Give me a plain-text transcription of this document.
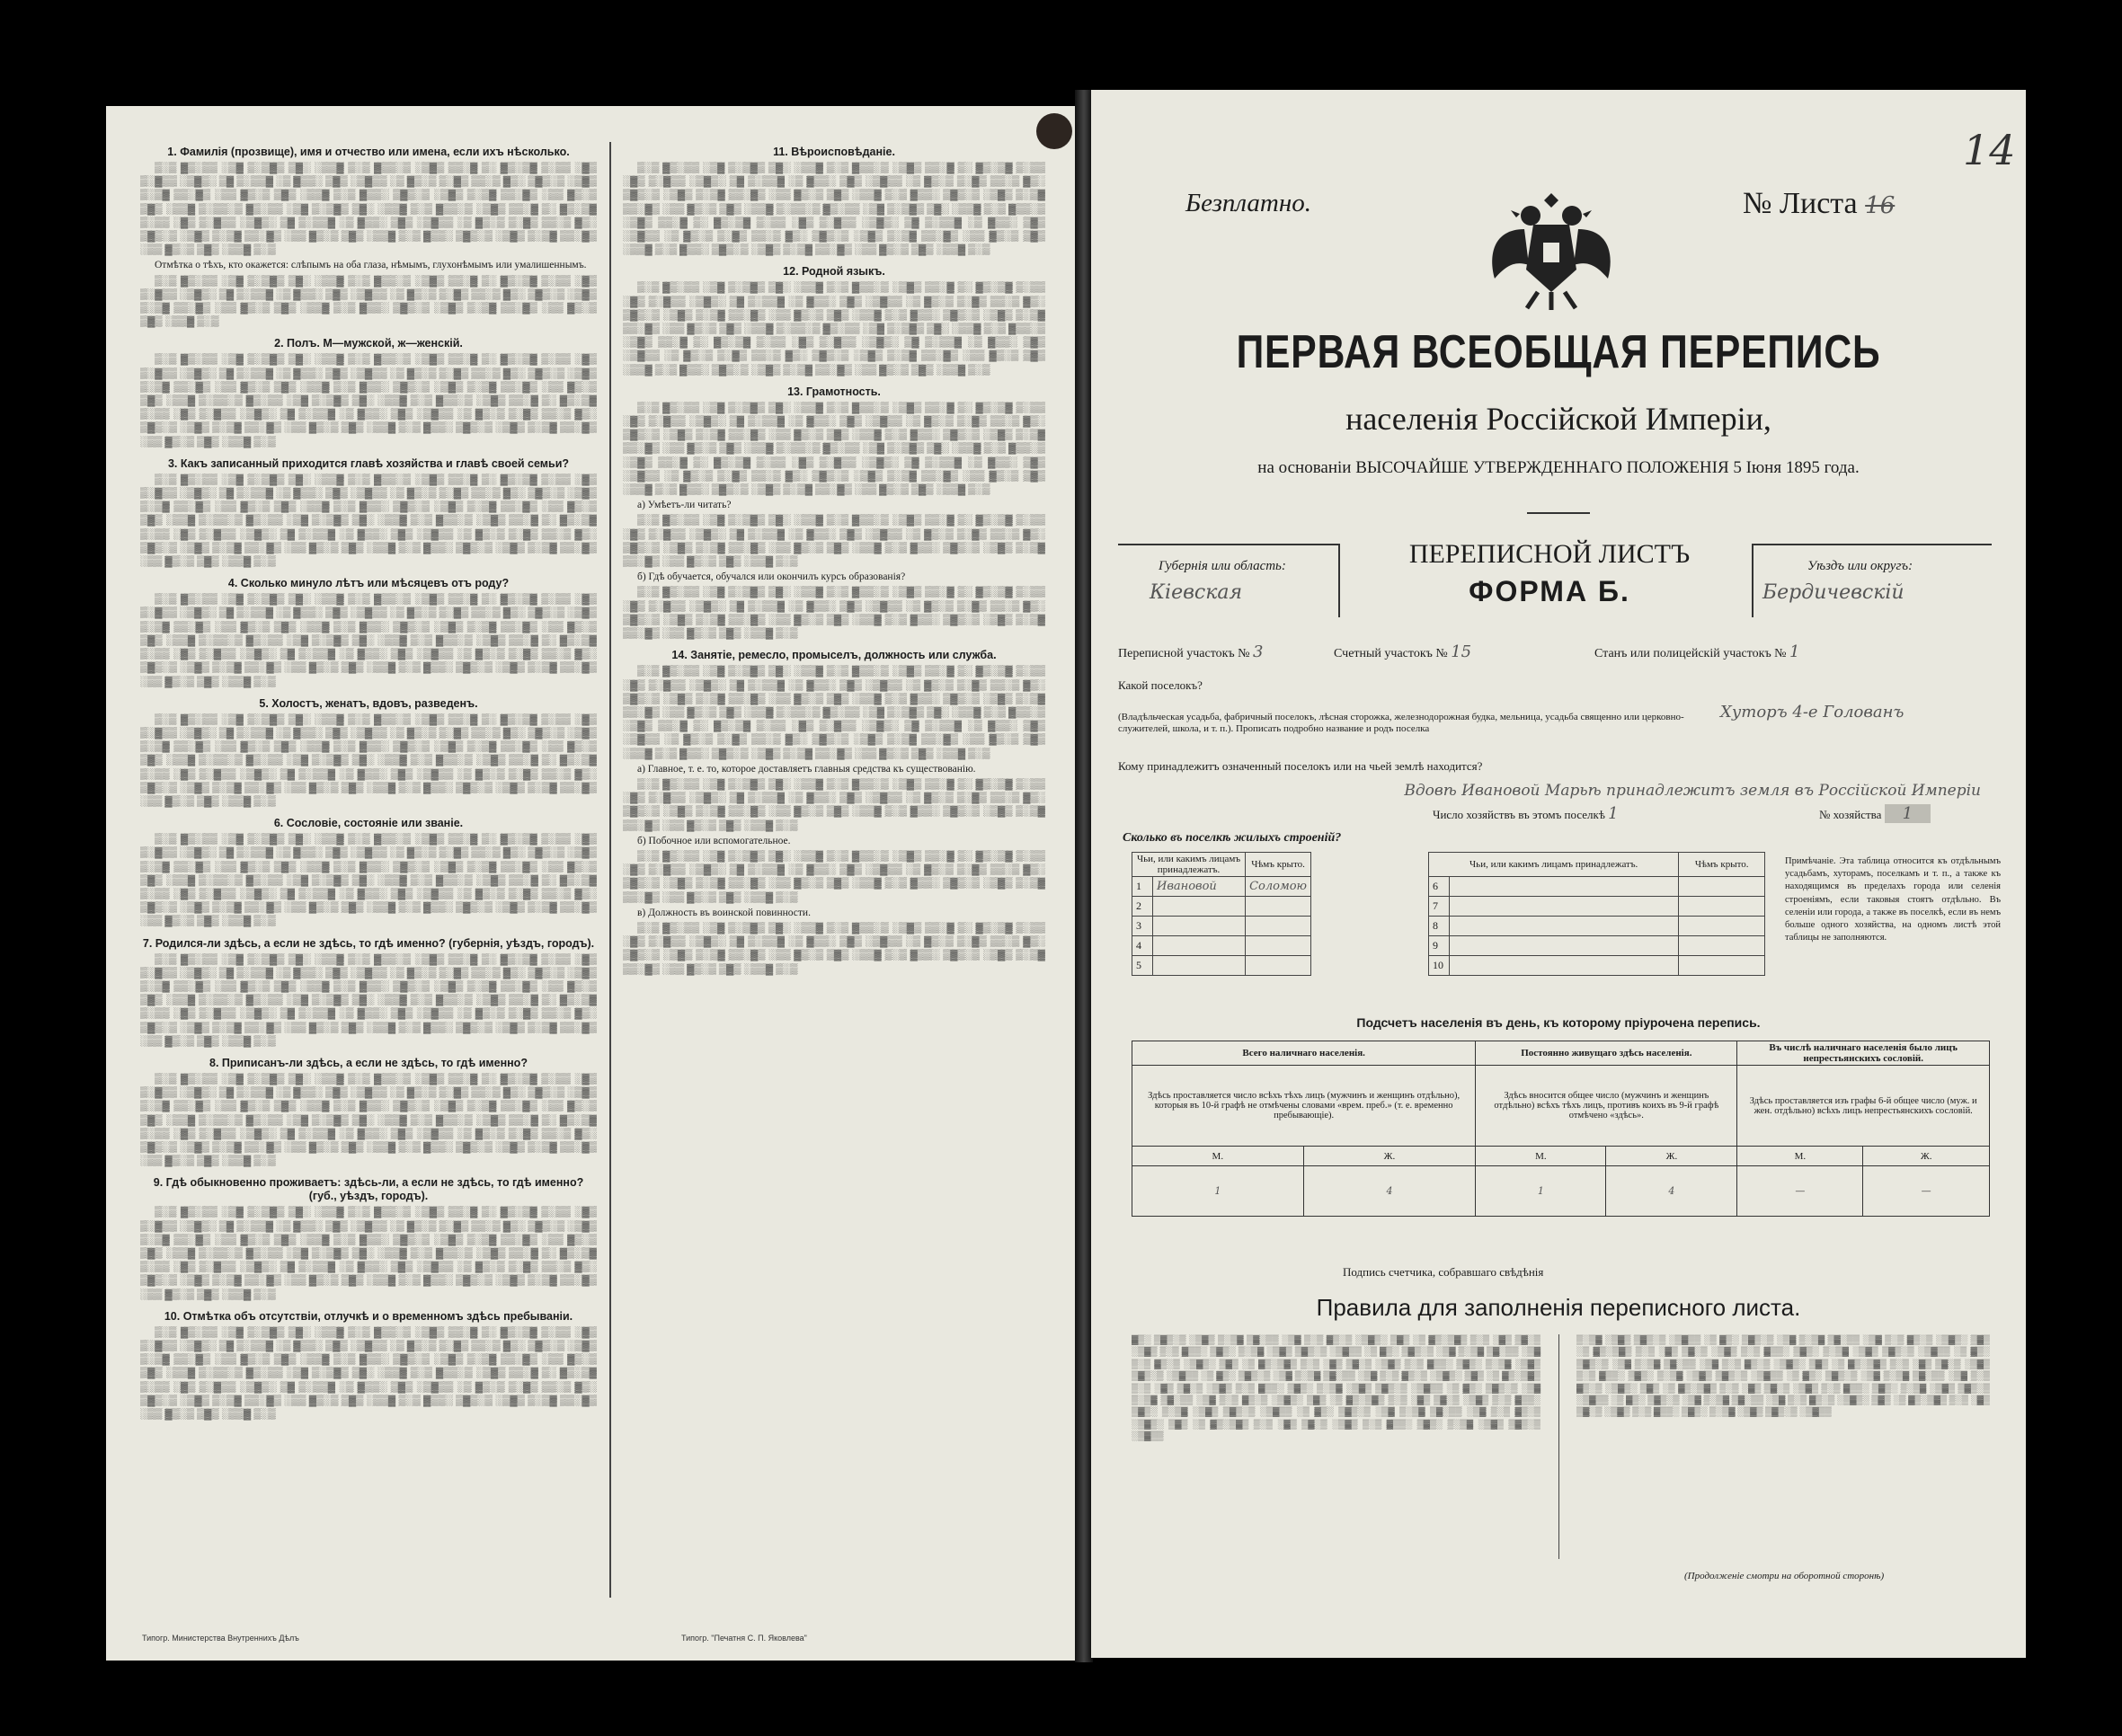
1. Фамилія (прозвище), имя и отчество или имена, если ихъ нѣсколько.

▒░▒ ▓▒░▒▒ ░▒▓ ▒░▒▓▒ ▒▓░ ░▒▒▓ ▒░▒ ▓▒▒░▒ ░▒▓▒ ▒▒░▓ ▒░ ▓▒░▒▓ ▒░▒▒ ░▓▒ ▒░▓▒▒ ░▒▓▒░ ▒▓ ▒░▒▒▓ ░▒ ▓▒▒░ ▒▓▒ ░▒▓▒▒ ░▒ ▓▒░▒ ▒░▓▒ ▒▒░▒ ▓▒░ ▒▓▒░▒ ░▒▓▒ ▒░▒▓ ▒▒░▓▒ ░▒▒ ▓▒░▒ ▒▓▒ ░▒▒▓ ▒░▒ ▓▒▒░ ▒▓▒░▒ ░▒▓▒ ▒░▒▓ ▒▒░▓▒ ░▒▒ ▓▒░▒ ▒▓▒ ░▒▒▓ ▒░▒▒░▒ ▓▒░▒▒ ░▒▓ ▒░▒▓▒ ▒▓░ ░▒▒▓ ▒░▒ ▓▒▒░▒ ░▒▓▒ ▒▒░▓ ▒░ ▓▒░▒▓ ▒░▒▒ ░▓▒ ▒░▓▒▒ ░▒▓▒░ ▒▓ ▒░▒▒▓ ░▒ ▓▒▒░ ▒▓▒ ░▒▓▒▒ ░▒ ▓▒░▒ ▒░▓▒ ▒▒░▒ ▓▒░ ▒▓▒░▒ ░▒▓▒ ▒░▒▓ ▒▒░▓▒ ░▒▒ ▓▒░▒ ▒▓▒ ░▒▒▓ ▒░▒ ▓▒▒░ ▒▓▒░▒ ░▒▓▒ ▒░▒▓ ▒▒░▓▒ ░▒▒ ▓▒░▒ ▒▓▒ ░▒▒▓ ▒░▒

Отмѣтка о тѣхъ, кто окажется: слѣпымъ на оба глаза, нѣмымъ, глухонѣмымъ или умалишеннымъ.

▒░▒ ▓▒░▒▒ ░▒▓ ▒░▒▓▒ ▒▓░ ░▒▒▓ ▒░▒ ▓▒▒░▒ ░▒▓▒ ▒▒░▓ ▒░ ▓▒░▒▓ ▒░▒▒ ░▓▒ ▒░▓▒▒ ░▒▓▒░ ▒▓ ▒░▒▒▓ ░▒ ▓▒▒░ ▒▓▒ ░▒▓▒▒ ░▒ ▓▒░▒ ▒░▓▒ ▒▒░▒ ▓▒░ ▒▓▒░▒ ░▒▓▒ ▒░▒▓ ▒▒░▓▒ ░▒▒ ▓▒░▒ ▒▓▒ ░▒▒▓ ▒░▒ ▓▒▒░ ▒▓▒░▒ ░▒▓▒ ▒░▒▓ ▒▒░▓▒ ░▒▒ ▓▒░▒ ▒▓▒ ░▒▒▓ ▒░▒

2. Полъ. М—мужской, ж—женскій.

▒░▒ ▓▒░▒▒ ░▒▓ ▒░▒▓▒ ▒▓░ ░▒▒▓ ▒░▒ ▓▒▒░▒ ░▒▓▒ ▒▒░▓ ▒░ ▓▒░▒▓ ▒░▒▒ ░▓▒ ▒░▓▒▒ ░▒▓▒░ ▒▓ ▒░▒▒▓ ░▒ ▓▒▒░ ▒▓▒ ░▒▓▒▒ ░▒ ▓▒░▒ ▒░▓▒ ▒▒░▒ ▓▒░ ▒▓▒░▒ ░▒▓▒ ▒░▒▓ ▒▒░▓▒ ░▒▒ ▓▒░▒ ▒▓▒ ░▒▒▓ ▒░▒ ▓▒▒░ ▒▓▒░▒ ░▒▓▒ ▒░▒▓ ▒▒░▓▒ ░▒▒ ▓▒░▒ ▒▓▒ ░▒▒▓ ▒░▒▒░▒ ▓▒░▒▒ ░▒▓ ▒░▒▓▒ ▒▓░ ░▒▒▓ ▒░▒ ▓▒▒░▒ ░▒▓▒ ▒▒░▓ ▒░ ▓▒░▒▓ ▒░▒▒ ░▓▒ ▒░▓▒▒ ░▒▓▒░ ▒▓ ▒░▒▒▓ ░▒ ▓▒▒░ ▒▓▒ ░▒▓▒▒ ░▒ ▓▒░▒ ▒░▓▒ ▒▒░▒ ▓▒░ ▒▓▒░▒ ░▒▓▒ ▒░▒▓ ▒▒░▓▒ ░▒▒ ▓▒░▒ ▒▓▒ ░▒▒▓ ▒░▒ ▓▒▒░ ▒▓▒░▒ ░▒▓▒ ▒░▒▓ ▒▒░▓▒ ░▒▒ ▓▒░▒ ▒▓▒ ░▒▒▓ ▒░▒

3. Какъ записанный приходится главѣ хозяйства и главѣ своей семьи?

▒░▒ ▓▒░▒▒ ░▒▓ ▒░▒▓▒ ▒▓░ ░▒▒▓ ▒░▒ ▓▒▒░▒ ░▒▓▒ ▒▒░▓ ▒░ ▓▒░▒▓ ▒░▒▒ ░▓▒ ▒░▓▒▒ ░▒▓▒░ ▒▓ ▒░▒▒▓ ░▒ ▓▒▒░ ▒▓▒ ░▒▓▒▒ ░▒ ▓▒░▒ ▒░▓▒ ▒▒░▒ ▓▒░ ▒▓▒░▒ ░▒▓▒ ▒░▒▓ ▒▒░▓▒ ░▒▒ ▓▒░▒ ▒▓▒ ░▒▒▓ ▒░▒ ▓▒▒░ ▒▓▒░▒ ░▒▓▒ ▒░▒▓ ▒▒░▓▒ ░▒▒ ▓▒░▒ ▒▓▒ ░▒▒▓ ▒░▒▒░▒ ▓▒░▒▒ ░▒▓ ▒░▒▓▒ ▒▓░ ░▒▒▓ ▒░▒ ▓▒▒░▒ ░▒▓▒ ▒▒░▓ ▒░ ▓▒░▒▓ ▒░▒▒ ░▓▒ ▒░▓▒▒ ░▒▓▒░ ▒▓ ▒░▒▒▓ ░▒ ▓▒▒░ ▒▓▒ ░▒▓▒▒ ░▒ ▓▒░▒ ▒░▓▒ ▒▒░▒ ▓▒░ ▒▓▒░▒ ░▒▓▒ ▒░▒▓ ▒▒░▓▒ ░▒▒ ▓▒░▒ ▒▓▒ ░▒▒▓ ▒░▒ ▓▒▒░ ▒▓▒░▒ ░▒▓▒ ▒░▒▓ ▒▒░▓▒ ░▒▒ ▓▒░▒ ▒▓▒ ░▒▒▓ ▒░▒

4. Сколько минуло лѣтъ или мѣсяцевъ отъ роду?

▒░▒ ▓▒░▒▒ ░▒▓ ▒░▒▓▒ ▒▓░ ░▒▒▓ ▒░▒ ▓▒▒░▒ ░▒▓▒ ▒▒░▓ ▒░ ▓▒░▒▓ ▒░▒▒ ░▓▒ ▒░▓▒▒ ░▒▓▒░ ▒▓ ▒░▒▒▓ ░▒ ▓▒▒░ ▒▓▒ ░▒▓▒▒ ░▒ ▓▒░▒ ▒░▓▒ ▒▒░▒ ▓▒░ ▒▓▒░▒ ░▒▓▒ ▒░▒▓ ▒▒░▓▒ ░▒▒ ▓▒░▒ ▒▓▒ ░▒▒▓ ▒░▒ ▓▒▒░ ▒▓▒░▒ ░▒▓▒ ▒░▒▓ ▒▒░▓▒ ░▒▒ ▓▒░▒ ▒▓▒ ░▒▒▓ ▒░▒▒░▒ ▓▒░▒▒ ░▒▓ ▒░▒▓▒ ▒▓░ ░▒▒▓ ▒░▒ ▓▒▒░▒ ░▒▓▒ ▒▒░▓ ▒░ ▓▒░▒▓ ▒░▒▒ ░▓▒ ▒░▓▒▒ ░▒▓▒░ ▒▓ ▒░▒▒▓ ░▒ ▓▒▒░ ▒▓▒ ░▒▓▒▒ ░▒ ▓▒░▒ ▒░▓▒ ▒▒░▒ ▓▒░ ▒▓▒░▒ ░▒▓▒ ▒░▒▓ ▒▒░▓▒ ░▒▒ ▓▒░▒ ▒▓▒ ░▒▒▓ ▒░▒ ▓▒▒░ ▒▓▒░▒ ░▒▓▒ ▒░▒▓ ▒▒░▓▒ ░▒▒ ▓▒░▒ ▒▓▒ ░▒▒▓ ▒░▒

5. Холостъ, женатъ, вдовъ, разведенъ.

▒░▒ ▓▒░▒▒ ░▒▓ ▒░▒▓▒ ▒▓░ ░▒▒▓ ▒░▒ ▓▒▒░▒ ░▒▓▒ ▒▒░▓ ▒░ ▓▒░▒▓ ▒░▒▒ ░▓▒ ▒░▓▒▒ ░▒▓▒░ ▒▓ ▒░▒▒▓ ░▒ ▓▒▒░ ▒▓▒ ░▒▓▒▒ ░▒ ▓▒░▒ ▒░▓▒ ▒▒░▒ ▓▒░ ▒▓▒░▒ ░▒▓▒ ▒░▒▓ ▒▒░▓▒ ░▒▒ ▓▒░▒ ▒▓▒ ░▒▒▓ ▒░▒ ▓▒▒░ ▒▓▒░▒ ░▒▓▒ ▒░▒▓ ▒▒░▓▒ ░▒▒ ▓▒░▒ ▒▓▒ ░▒▒▓ ▒░▒▒░▒ ▓▒░▒▒ ░▒▓ ▒░▒▓▒ ▒▓░ ░▒▒▓ ▒░▒ ▓▒▒░▒ ░▒▓▒ ▒▒░▓ ▒░ ▓▒░▒▓ ▒░▒▒ ░▓▒ ▒░▓▒▒ ░▒▓▒░ ▒▓ ▒░▒▒▓ ░▒ ▓▒▒░ ▒▓▒ ░▒▓▒▒ ░▒ ▓▒░▒ ▒░▓▒ ▒▒░▒ ▓▒░ ▒▓▒░▒ ░▒▓▒ ▒░▒▓ ▒▒░▓▒ ░▒▒ ▓▒░▒ ▒▓▒ ░▒▒▓ ▒░▒ ▓▒▒░ ▒▓▒░▒ ░▒▓▒ ▒░▒▓ ▒▒░▓▒ ░▒▒ ▓▒░▒ ▒▓▒ ░▒▒▓ ▒░▒

6. Сословіе, состояніе или званіе.

▒░▒ ▓▒░▒▒ ░▒▓ ▒░▒▓▒ ▒▓░ ░▒▒▓ ▒░▒ ▓▒▒░▒ ░▒▓▒ ▒▒░▓ ▒░ ▓▒░▒▓ ▒░▒▒ ░▓▒ ▒░▓▒▒ ░▒▓▒░ ▒▓ ▒░▒▒▓ ░▒ ▓▒▒░ ▒▓▒ ░▒▓▒▒ ░▒ ▓▒░▒ ▒░▓▒ ▒▒░▒ ▓▒░ ▒▓▒░▒ ░▒▓▒ ▒░▒▓ ▒▒░▓▒ ░▒▒ ▓▒░▒ ▒▓▒ ░▒▒▓ ▒░▒ ▓▒▒░ ▒▓▒░▒ ░▒▓▒ ▒░▒▓ ▒▒░▓▒ ░▒▒ ▓▒░▒ ▒▓▒ ░▒▒▓ ▒░▒▒░▒ ▓▒░▒▒ ░▒▓ ▒░▒▓▒ ▒▓░ ░▒▒▓ ▒░▒ ▓▒▒░▒ ░▒▓▒ ▒▒░▓ ▒░ ▓▒░▒▓ ▒░▒▒ ░▓▒ ▒░▓▒▒ ░▒▓▒░ ▒▓ ▒░▒▒▓ ░▒ ▓▒▒░ ▒▓▒ ░▒▓▒▒ ░▒ ▓▒░▒ ▒░▓▒ ▒▒░▒ ▓▒░ ▒▓▒░▒ ░▒▓▒ ▒░▒▓ ▒▒░▓▒ ░▒▒ ▓▒░▒ ▒▓▒ ░▒▒▓ ▒░▒ ▓▒▒░ ▒▓▒░▒ ░▒▓▒ ▒░▒▓ ▒▒░▓▒ ░▒▒ ▓▒░▒ ▒▓▒ ░▒▒▓ ▒░▒

7. Родился-ли здѣсь, а если не здѣсь, то гдѣ именно? (губернія, уѣздъ, городъ).

▒░▒ ▓▒░▒▒ ░▒▓ ▒░▒▓▒ ▒▓░ ░▒▒▓ ▒░▒ ▓▒▒░▒ ░▒▓▒ ▒▒░▓ ▒░ ▓▒░▒▓ ▒░▒▒ ░▓▒ ▒░▓▒▒ ░▒▓▒░ ▒▓ ▒░▒▒▓ ░▒ ▓▒▒░ ▒▓▒ ░▒▓▒▒ ░▒ ▓▒░▒ ▒░▓▒ ▒▒░▒ ▓▒░ ▒▓▒░▒ ░▒▓▒ ▒░▒▓ ▒▒░▓▒ ░▒▒ ▓▒░▒ ▒▓▒ ░▒▒▓ ▒░▒ ▓▒▒░ ▒▓▒░▒ ░▒▓▒ ▒░▒▓ ▒▒░▓▒ ░▒▒ ▓▒░▒ ▒▓▒ ░▒▒▓ ▒░▒▒░▒ ▓▒░▒▒ ░▒▓ ▒░▒▓▒ ▒▓░ ░▒▒▓ ▒░▒ ▓▒▒░▒ ░▒▓▒ ▒▒░▓ ▒░ ▓▒░▒▓ ▒░▒▒ ░▓▒ ▒░▓▒▒ ░▒▓▒░ ▒▓ ▒░▒▒▓ ░▒ ▓▒▒░ ▒▓▒ ░▒▓▒▒ ░▒ ▓▒░▒ ▒░▓▒ ▒▒░▒ ▓▒░ ▒▓▒░▒ ░▒▓▒ ▒░▒▓ ▒▒░▓▒ ░▒▒ ▓▒░▒ ▒▓▒ ░▒▒▓ ▒░▒ ▓▒▒░ ▒▓▒░▒ ░▒▓▒ ▒░▒▓ ▒▒░▓▒ ░▒▒ ▓▒░▒ ▒▓▒ ░▒▒▓ ▒░▒

8. Приписанъ-ли здѣсь, а если не здѣсь, то гдѣ именно?

▒░▒ ▓▒░▒▒ ░▒▓ ▒░▒▓▒ ▒▓░ ░▒▒▓ ▒░▒ ▓▒▒░▒ ░▒▓▒ ▒▒░▓ ▒░ ▓▒░▒▓ ▒░▒▒ ░▓▒ ▒░▓▒▒ ░▒▓▒░ ▒▓ ▒░▒▒▓ ░▒ ▓▒▒░ ▒▓▒ ░▒▓▒▒ ░▒ ▓▒░▒ ▒░▓▒ ▒▒░▒ ▓▒░ ▒▓▒░▒ ░▒▓▒ ▒░▒▓ ▒▒░▓▒ ░▒▒ ▓▒░▒ ▒▓▒ ░▒▒▓ ▒░▒ ▓▒▒░ ▒▓▒░▒ ░▒▓▒ ▒░▒▓ ▒▒░▓▒ ░▒▒ ▓▒░▒ ▒▓▒ ░▒▒▓ ▒░▒▒░▒ ▓▒░▒▒ ░▒▓ ▒░▒▓▒ ▒▓░ ░▒▒▓ ▒░▒ ▓▒▒░▒ ░▒▓▒ ▒▒░▓ ▒░ ▓▒░▒▓ ▒░▒▒ ░▓▒ ▒░▓▒▒ ░▒▓▒░ ▒▓ ▒░▒▒▓ ░▒ ▓▒▒░ ▒▓▒ ░▒▓▒▒ ░▒ ▓▒░▒ ▒░▓▒ ▒▒░▒ ▓▒░ ▒▓▒░▒ ░▒▓▒ ▒░▒▓ ▒▒░▓▒ ░▒▒ ▓▒░▒ ▒▓▒ ░▒▒▓ ▒░▒ ▓▒▒░ ▒▓▒░▒ ░▒▓▒ ▒░▒▓ ▒▒░▓▒ ░▒▒ ▓▒░▒ ▒▓▒ ░▒▒▓ ▒░▒

9. Гдѣ обыкновенно проживаетъ: здѣсь-ли, а если не здѣсь, то гдѣ именно? (губ., уѣздъ, городъ).

▒░▒ ▓▒░▒▒ ░▒▓ ▒░▒▓▒ ▒▓░ ░▒▒▓ ▒░▒ ▓▒▒░▒ ░▒▓▒ ▒▒░▓ ▒░ ▓▒░▒▓ ▒░▒▒ ░▓▒ ▒░▓▒▒ ░▒▓▒░ ▒▓ ▒░▒▒▓ ░▒ ▓▒▒░ ▒▓▒ ░▒▓▒▒ ░▒ ▓▒░▒ ▒░▓▒ ▒▒░▒ ▓▒░ ▒▓▒░▒ ░▒▓▒ ▒░▒▓ ▒▒░▓▒ ░▒▒ ▓▒░▒ ▒▓▒ ░▒▒▓ ▒░▒ ▓▒▒░ ▒▓▒░▒ ░▒▓▒ ▒░▒▓ ▒▒░▓▒ ░▒▒ ▓▒░▒ ▒▓▒ ░▒▒▓ ▒░▒▒░▒ ▓▒░▒▒ ░▒▓ ▒░▒▓▒ ▒▓░ ░▒▒▓ ▒░▒ ▓▒▒░▒ ░▒▓▒ ▒▒░▓ ▒░ ▓▒░▒▓ ▒░▒▒ ░▓▒ ▒░▓▒▒ ░▒▓▒░ ▒▓ ▒░▒▒▓ ░▒ ▓▒▒░ ▒▓▒ ░▒▓▒▒ ░▒ ▓▒░▒ ▒░▓▒ ▒▒░▒ ▓▒░ ▒▓▒░▒ ░▒▓▒ ▒░▒▓ ▒▒░▓▒ ░▒▒ ▓▒░▒ ▒▓▒ ░▒▒▓ ▒░▒ ▓▒▒░ ▒▓▒░▒ ░▒▓▒ ▒░▒▓ ▒▒░▓▒ ░▒▒ ▓▒░▒ ▒▓▒ ░▒▒▓ ▒░▒

10. Отмѣтка объ отсутствіи, отлучкѣ и о временномъ здѣсь пребываніи.

▒░▒ ▓▒░▒▒ ░▒▓ ▒░▒▓▒ ▒▓░ ░▒▒▓ ▒░▒ ▓▒▒░▒ ░▒▓▒ ▒▒░▓ ▒░ ▓▒░▒▓ ▒░▒▒ ░▓▒ ▒░▓▒▒ ░▒▓▒░ ▒▓ ▒░▒▒▓ ░▒ ▓▒▒░ ▒▓▒ ░▒▓▒▒ ░▒ ▓▒░▒ ▒░▓▒ ▒▒░▒ ▓▒░ ▒▓▒░▒ ░▒▓▒ ▒░▒▓ ▒▒░▓▒ ░▒▒ ▓▒░▒ ▒▓▒ ░▒▒▓ ▒░▒ ▓▒▒░ ▒▓▒░▒ ░▒▓▒ ▒░▒▓ ▒▒░▓▒ ░▒▒ ▓▒░▒ ▒▓▒ ░▒▒▓ ▒░▒▒░▒ ▓▒░▒▒ ░▒▓ ▒░▒▓▒ ▒▓░ ░▒▒▓ ▒░▒ ▓▒▒░▒ ░▒▓▒ ▒▒░▓ ▒░ ▓▒░▒▓ ▒░▒▒ ░▓▒ ▒░▓▒▒ ░▒▓▒░ ▒▓ ▒░▒▒▓ ░▒ ▓▒▒░ ▒▓▒ ░▒▓▒▒ ░▒ ▓▒░▒ ▒░▓▒ ▒▒░▒ ▓▒░ ▒▓▒░▒ ░▒▓▒ ▒░▒▓ ▒▒░▓▒ ░▒▒ ▓▒░▒ ▒▓▒ ░▒▒▓ ▒░▒ ▓▒▒░ ▒▓▒░▒ ░▒▓▒ ▒░▒▓ ▒▒░▓▒ ░▒▒ ▓▒░▒ ▒▓▒ ░▒▒▓ ▒░▒

11. Вѣроисповѣданіе.

▒░▒ ▓▒░▒▒ ░▒▓ ▒░▒▓▒ ▒▓░ ░▒▒▓ ▒░▒ ▓▒▒░▒ ░▒▓▒ ▒▒░▓ ▒░ ▓▒░▒▓ ▒░▒▒ ░▓▒ ▒░▓▒▒ ░▒▓▒░ ▒▓ ▒░▒▒▓ ░▒ ▓▒▒░ ▒▓▒ ░▒▓▒▒ ░▒ ▓▒░▒ ▒░▓▒ ▒▒░▒ ▓▒░ ▒▓▒░▒ ░▒▓▒ ▒░▒▓ ▒▒░▓▒ ░▒▒ ▓▒░▒ ▒▓▒ ░▒▒▓ ▒░▒ ▓▒▒░ ▒▓▒░▒ ░▒▓▒ ▒░▒▓ ▒▒░▓▒ ░▒▒ ▓▒░▒ ▒▓▒ ░▒▒▓ ▒░▒▒░▒ ▓▒░▒▒ ░▒▓ ▒░▒▓▒ ▒▓░ ░▒▒▓ ▒░▒ ▓▒▒░▒ ░▒▓▒ ▒▒░▓ ▒░ ▓▒░▒▓ ▒░▒▒ ░▓▒ ▒░▓▒▒ ░▒▓▒░ ▒▓ ▒░▒▒▓ ░▒ ▓▒▒░ ▒▓▒ ░▒▓▒▒ ░▒ ▓▒░▒ ▒░▓▒ ▒▒░▒ ▓▒░ ▒▓▒░▒ ░▒▓▒ ▒░▒▓ ▒▒░▓▒ ░▒▒ ▓▒░▒ ▒▓▒ ░▒▒▓ ▒░▒ ▓▒▒░ ▒▓▒░▒ ░▒▓▒ ▒░▒▓ ▒▒░▓▒ ░▒▒ ▓▒░▒ ▒▓▒ ░▒▒▓ ▒░▒

12. Родной языкъ.

▒░▒ ▓▒░▒▒ ░▒▓ ▒░▒▓▒ ▒▓░ ░▒▒▓ ▒░▒ ▓▒▒░▒ ░▒▓▒ ▒▒░▓ ▒░ ▓▒░▒▓ ▒░▒▒ ░▓▒ ▒░▓▒▒ ░▒▓▒░ ▒▓ ▒░▒▒▓ ░▒ ▓▒▒░ ▒▓▒ ░▒▓▒▒ ░▒ ▓▒░▒ ▒░▓▒ ▒▒░▒ ▓▒░ ▒▓▒░▒ ░▒▓▒ ▒░▒▓ ▒▒░▓▒ ░▒▒ ▓▒░▒ ▒▓▒ ░▒▒▓ ▒░▒ ▓▒▒░ ▒▓▒░▒ ░▒▓▒ ▒░▒▓ ▒▒░▓▒ ░▒▒ ▓▒░▒ ▒▓▒ ░▒▒▓ ▒░▒▒░▒ ▓▒░▒▒ ░▒▓ ▒░▒▓▒ ▒▓░ ░▒▒▓ ▒░▒ ▓▒▒░▒ ░▒▓▒ ▒▒░▓ ▒░ ▓▒░▒▓ ▒░▒▒ ░▓▒ ▒░▓▒▒ ░▒▓▒░ ▒▓ ▒░▒▒▓ ░▒ ▓▒▒░ ▒▓▒ ░▒▓▒▒ ░▒ ▓▒░▒ ▒░▓▒ ▒▒░▒ ▓▒░ ▒▓▒░▒ ░▒▓▒ ▒░▒▓ ▒▒░▓▒ ░▒▒ ▓▒░▒ ▒▓▒ ░▒▒▓ ▒░▒ ▓▒▒░ ▒▓▒░▒ ░▒▓▒ ▒░▒▓ ▒▒░▓▒ ░▒▒ ▓▒░▒ ▒▓▒ ░▒▒▓ ▒░▒

13. Грамотность.

▒░▒ ▓▒░▒▒ ░▒▓ ▒░▒▓▒ ▒▓░ ░▒▒▓ ▒░▒ ▓▒▒░▒ ░▒▓▒ ▒▒░▓ ▒░ ▓▒░▒▓ ▒░▒▒ ░▓▒ ▒░▓▒▒ ░▒▓▒░ ▒▓ ▒░▒▒▓ ░▒ ▓▒▒░ ▒▓▒ ░▒▓▒▒ ░▒ ▓▒░▒ ▒░▓▒ ▒▒░▒ ▓▒░ ▒▓▒░▒ ░▒▓▒ ▒░▒▓ ▒▒░▓▒ ░▒▒ ▓▒░▒ ▒▓▒ ░▒▒▓ ▒░▒ ▓▒▒░ ▒▓▒░▒ ░▒▓▒ ▒░▒▓ ▒▒░▓▒ ░▒▒ ▓▒░▒ ▒▓▒ ░▒▒▓ ▒░▒▒░▒ ▓▒░▒▒ ░▒▓ ▒░▒▓▒ ▒▓░ ░▒▒▓ ▒░▒ ▓▒▒░▒ ░▒▓▒ ▒▒░▓ ▒░ ▓▒░▒▓ ▒░▒▒ ░▓▒ ▒░▓▒▒ ░▒▓▒░ ▒▓ ▒░▒▒▓ ░▒ ▓▒▒░ ▒▓▒ ░▒▓▒▒ ░▒ ▓▒░▒ ▒░▓▒ ▒▒░▒ ▓▒░ ▒▓▒░▒ ░▒▓▒ ▒░▒▓ ▒▒░▓▒ ░▒▒ ▓▒░▒ ▒▓▒ ░▒▒▓ ▒░▒ ▓▒▒░ ▒▓▒░▒ ░▒▓▒ ▒░▒▓ ▒▒░▓▒ ░▒▒ ▓▒░▒ ▒▓▒ ░▒▒▓ ▒░▒

а) Умѣетъ-ли читать?

▒░▒ ▓▒░▒▒ ░▒▓ ▒░▒▓▒ ▒▓░ ░▒▒▓ ▒░▒ ▓▒▒░▒ ░▒▓▒ ▒▒░▓ ▒░ ▓▒░▒▓ ▒░▒▒ ░▓▒ ▒░▓▒▒ ░▒▓▒░ ▒▓ ▒░▒▒▓ ░▒ ▓▒▒░ ▒▓▒ ░▒▓▒▒ ░▒ ▓▒░▒ ▒░▓▒ ▒▒░▒ ▓▒░ ▒▓▒░▒ ░▒▓▒ ▒░▒▓ ▒▒░▓▒ ░▒▒ ▓▒░▒ ▒▓▒ ░▒▒▓ ▒░▒ ▓▒▒░ ▒▓▒░▒ ░▒▓▒ ▒░▒▓ ▒▒░▓▒ ░▒▒ ▓▒░▒ ▒▓▒ ░▒▒▓ ▒░▒

б) Гдѣ обучается, обучался или окончилъ курсъ образованія?

▒░▒ ▓▒░▒▒ ░▒▓ ▒░▒▓▒ ▒▓░ ░▒▒▓ ▒░▒ ▓▒▒░▒ ░▒▓▒ ▒▒░▓ ▒░ ▓▒░▒▓ ▒░▒▒ ░▓▒ ▒░▓▒▒ ░▒▓▒░ ▒▓ ▒░▒▒▓ ░▒ ▓▒▒░ ▒▓▒ ░▒▓▒▒ ░▒ ▓▒░▒ ▒░▓▒ ▒▒░▒ ▓▒░ ▒▓▒░▒ ░▒▓▒ ▒░▒▓ ▒▒░▓▒ ░▒▒ ▓▒░▒ ▒▓▒ ░▒▒▓ ▒░▒ ▓▒▒░ ▒▓▒░▒ ░▒▓▒ ▒░▒▓ ▒▒░▓▒ ░▒▒ ▓▒░▒ ▒▓▒ ░▒▒▓ ▒░▒

14. Занятіе, ремесло, промыселъ, должность или служба.

▒░▒ ▓▒░▒▒ ░▒▓ ▒░▒▓▒ ▒▓░ ░▒▒▓ ▒░▒ ▓▒▒░▒ ░▒▓▒ ▒▒░▓ ▒░ ▓▒░▒▓ ▒░▒▒ ░▓▒ ▒░▓▒▒ ░▒▓▒░ ▒▓ ▒░▒▒▓ ░▒ ▓▒▒░ ▒▓▒ ░▒▓▒▒ ░▒ ▓▒░▒ ▒░▓▒ ▒▒░▒ ▓▒░ ▒▓▒░▒ ░▒▓▒ ▒░▒▓ ▒▒░▓▒ ░▒▒ ▓▒░▒ ▒▓▒ ░▒▒▓ ▒░▒ ▓▒▒░ ▒▓▒░▒ ░▒▓▒ ▒░▒▓ ▒▒░▓▒ ░▒▒ ▓▒░▒ ▒▓▒ ░▒▒▓ ▒░▒▒░▒ ▓▒░▒▒ ░▒▓ ▒░▒▓▒ ▒▓░ ░▒▒▓ ▒░▒ ▓▒▒░▒ ░▒▓▒ ▒▒░▓ ▒░ ▓▒░▒▓ ▒░▒▒ ░▓▒ ▒░▓▒▒ ░▒▓▒░ ▒▓ ▒░▒▒▓ ░▒ ▓▒▒░ ▒▓▒ ░▒▓▒▒ ░▒ ▓▒░▒ ▒░▓▒ ▒▒░▒ ▓▒░ ▒▓▒░▒ ░▒▓▒ ▒░▒▓ ▒▒░▓▒ ░▒▒ ▓▒░▒ ▒▓▒ ░▒▒▓ ▒░▒ ▓▒▒░ ▒▓▒░▒ ░▒▓▒ ▒░▒▓ ▒▒░▓▒ ░▒▒ ▓▒░▒ ▒▓▒ ░▒▒▓ ▒░▒

а) Главное, т. е. то, которое доставляетъ главныя средства къ существованію.

▒░▒ ▓▒░▒▒ ░▒▓ ▒░▒▓▒ ▒▓░ ░▒▒▓ ▒░▒ ▓▒▒░▒ ░▒▓▒ ▒▒░▓ ▒░ ▓▒░▒▓ ▒░▒▒ ░▓▒ ▒░▓▒▒ ░▒▓▒░ ▒▓ ▒░▒▒▓ ░▒ ▓▒▒░ ▒▓▒ ░▒▓▒▒ ░▒ ▓▒░▒ ▒░▓▒ ▒▒░▒ ▓▒░ ▒▓▒░▒ ░▒▓▒ ▒░▒▓ ▒▒░▓▒ ░▒▒ ▓▒░▒ ▒▓▒ ░▒▒▓ ▒░▒ ▓▒▒░ ▒▓▒░▒ ░▒▓▒ ▒░▒▓ ▒▒░▓▒ ░▒▒ ▓▒░▒ ▒▓▒ ░▒▒▓ ▒░▒

б) Побочное или вспомогательное.

▒░▒ ▓▒░▒▒ ░▒▓ ▒░▒▓▒ ▒▓░ ░▒▒▓ ▒░▒ ▓▒▒░▒ ░▒▓▒ ▒▒░▓ ▒░ ▓▒░▒▓ ▒░▒▒ ░▓▒ ▒░▓▒▒ ░▒▓▒░ ▒▓ ▒░▒▒▓ ░▒ ▓▒▒░ ▒▓▒ ░▒▓▒▒ ░▒ ▓▒░▒ ▒░▓▒ ▒▒░▒ ▓▒░ ▒▓▒░▒ ░▒▓▒ ▒░▒▓ ▒▒░▓▒ ░▒▒ ▓▒░▒ ▒▓▒ ░▒▒▓ ▒░▒ ▓▒▒░ ▒▓▒░▒ ░▒▓▒ ▒░▒▓ ▒▒░▓▒ ░▒▒ ▓▒░▒ ▒▓▒ ░▒▒▓ ▒░▒

в) Должность въ воинской повинности.

▒░▒ ▓▒░▒▒ ░▒▓ ▒░▒▓▒ ▒▓░ ░▒▒▓ ▒░▒ ▓▒▒░▒ ░▒▓▒ ▒▒░▓ ▒░ ▓▒░▒▓ ▒░▒▒ ░▓▒ ▒░▓▒▒ ░▒▓▒░ ▒▓ ▒░▒▒▓ ░▒ ▓▒▒░ ▒▓▒ ░▒▓▒▒ ░▒ ▓▒░▒ ▒░▓▒ ▒▒░▒ ▓▒░ ▒▓▒░▒ ░▒▓▒ ▒░▒▓ ▒▒░▓▒ ░▒▒ ▓▒░▒ ▒▓▒ ░▒▒▓ ▒░▒ ▓▒▒░ ▒▓▒░▒ ░▒▓▒ ▒░▒▓ ▒▒░▓▒ ░▒▒ ▓▒░▒ ▒▓▒ ░▒▒▓ ▒░▒

Типогр. Министерства Внутреннихъ Дѣлъ	Типогр. "Печатня С. П. Яковлева"
Безплатно.	№ Листа 16
14
ПЕРВАЯ ВСЕОБЩАЯ ПЕРЕПИСЬ
населенія Россійской Имперіи,
на основаніи ВЫСОЧАЙШЕ УТВЕРЖДЕННАГО ПОЛОЖЕНІЯ 5 Іюня 1895 года.
Губернія или область:
Кіевская
ПЕРЕПИСНОЙ ЛИСТЪ
ФОРМА Б.
Уѣздъ или округъ:
Бердичевскій
Переписной участокъ № 3	Счетный участокъ № 15	Станъ или полицейскій участокъ № 1
Какой поселокъ?
(Владѣльческая усадьба, фабричный поселокъ, лѣсная сторожка, железнодорожная будка, мельница, усадьба священно или церковно-служителей, школа, и т. п.). Прописать подробно название и родъ поселка
Хуторъ 4-е Голованъ
Кому принадлежитъ означенный поселокъ или на чьей землѣ находится?
Вдовѣ Ивановой Марьѣ принадлежитъ земля въ Россійской Имперіи
Число хозяйствъ въ этомъ поселкѣ 1	№ хозяйства 1
Сколько въ поселкѣ жилыхъ строеній?
Чьи, или какимъ лицамъ принадлежатъ.		Чѣмъ крыто.
1	Ивановой	Соломою
2		
3		
4		
5		
Чьи, или какимъ лицамъ принадлежатъ.		Чѣмъ крыто.
6		
7		
8		
9		
10		
Примѣчаніе. Эта таблица относится къ отдѣльнымъ усадьбамъ, хуторамъ, поселкамъ и т. п., а также къ находящимся въ пределахъ города или селенія строеніямъ, если таковыя стоятъ отдѣльно. Въ селеніи или города, а также въ поселкѣ, если въ немъ больше одного хозяйства, на одномъ листѣ этой таблицы не заполняются.
Подсчетъ населенія въ день, къ которому пріурочена перепись.
Всего наличнаго населенія.		Постоянно живущаго здѣсь населенія.		Въ числѣ наличнаго населенія было лицъ непрестьянскихъ сословій.	
Здѣсь проставляется число всѣхъ тѣхъ лицъ (мужчинъ и женщинъ отдѣльно), которыя въ 10-й графѣ не отмѣчены словами «врем. преб.» (т. е. временно пребывающіе).		Здѣсь вносится общее число (мужчинъ и женщинъ отдѣльно) всѣхъ тѣхъ лицъ, противъ коихъ въ 9-й графѣ отмѣчено «здѣсь».		Здѣсь проставляется изъ графы 6-й общее число (муж. и жен. отдѣльно) всѣхъ лицъ непрестьянскихъ сословій.	
М.	Ж.	М.	Ж.	М.	Ж.
1	4	1	4	—	—
Подпись счетчика, собравшаго свѣдѣнія
Правила для заполненія переписного листа.
▓▒░ ▒▓▒░▒ ░▒▓▒ ▒░▒▓ ▒▓░▒▒ ░▒▓ ▒░▒ ▓▒░▒ ░▒▓▒░ ▒▓▒ ░▒ ▓▒░▒▓▒ ▒░▒ ░▓▒ ▒▓░▒ ░▒▓▒ ▒░▒ ▓▒▒░ ▒▓▒░ ▒░▒▓ ░▒▓▒ ▒▓▒░▒ ░▒▓▒▒ ░▒ ▓▒░ ▒▓▒░▒ ░▒▓ ▒░▒▓ ▒▓░▒▒ ░▒▓ ▒░▒ ▓▒░▒ ░▒▓▒░ ▒▓▒ ░▒ ▓▒░▒▓▒ ▒░▒ ░▓▒ ▒▓░▒ ░▒▓▒ ▒░▒ ▓▒▒░ ▒▓▒░ ▒░▒▓ ░▒▓▒ ▒▓▒░▒ ░▒▓▒▒ ░▒ ▓▒░ ▒▓▒░▒ ░▒▓ ▒░▒▓ ▒▓░▒▒ ░▒▓ ▒░▒ ▓▒░▒ ░▒▓▒░ ▒▓▒ ░▒ ▓▒░▒▓▒ ▒░▒ ░▓▒ ▒▓░▒ ░▒▓▒ ▒░▒ ▓▒▒░ ▒▓▒░ ▒░▒▓ ░▒▓▒ ▒▓▒░▒ ░▒▓▒▒ ░▒ ▓▒░ ▒▓▒░▒ ░▒▓ ▒░▒▓ ▒▓░▒▒ ░▒▓ ▒░▒ ▓▒░▒ ░▒▓▒░ ▒▓▒ ░▒ ▓▒░▒▓▒ ▒░▒ ░▓▒ ▒▓░▒ ░▒▓▒ ▒░▒ ▓▒▒░ ▒▓▒░ ▒░▒▓ ░▒▓▒ ▒▓▒░▒ ░▒▓▒▒ ░▒ ▓▒░ ▒▓▒░▒ ░▒▓ ▒░▒▓ ▒▓░▒▒ ░▒▓ ▒░▒ ▓▒░▒ ░▒▓▒░ ▒▓▒ ░▒ ▓▒░▒▓▒ ▒░▒ ░▓▒ ▒▓░▒ ░▒▓▒ ▒░▒ ▓▒▒░ ▒▓▒░ ▒░▒▓ ░▒▓▒ ▒▓▒░▒ ░▒▓▒▒
▒░▒▓ ░▒▓▒ ▒▓▒░▒ ░▒▓▒▒ ░▒ ▓▒░ ▒▓▒░▒ ░▒▓ ▒░▒▓ ▒▓░▒▒ ░▒▓ ▒░▒ ▓▒░▒ ░▒▓▒░ ▒▓▒ ░▒ ▓▒░▒▓▒ ▒░▒ ░▓▒ ▒▓░▒ ░▒▓▒ ▒░▒ ▓▒▒░ ▒▓▒░ ▒░▒▓ ░▒▓▒ ▒▓▒░▒ ░▒▓▒▒ ░▒ ▓▒░ ▒▓▒░▒ ░▒▓ ▒░▒▓ ▒▓░▒▒ ░▒▓ ▒░▒ ▓▒░▒ ░▒▓▒░ ▒▓▒ ░▒ ▓▒░▒▓▒ ▒░▒ ░▓▒ ▒▓░▒ ░▒▓▒ ▒░▒ ▓▒▒░ ▒▓▒░ ▒░▒▓ ░▒▓▒ ▒▓▒░▒ ░▒▓▒▒ ░▒ ▓▒░ ▒▓▒░▒ ░▒▓ ▒░▒▓ ▒▓░▒▒ ░▒▓ ▒░▒ ▓▒░▒ ░▒▓▒░ ▒▓▒ ░▒ ▓▒░▒▓▒ ▒░▒ ░▓▒ ▒▓░▒ ░▒▓▒ ▒░▒ ▓▒▒░ ▒▓▒░ ▒░▒▓ ░▒▓▒ ▒▓▒░▒ ░▒▓▒▒ ░▒ ▓▒░ ▒▓▒░▒ ░▒▓ ▒░▒▓ ▒▓░▒▒ ░▒▓ ▒░▒ ▓▒░▒ ░▒▓▒░ ▒▓▒ ░▒ ▓▒░▒▓▒ ▒░▒ ░▓▒ ▒▓░▒ ░▒▓▒ ▒░▒ ▓▒▒░ ▒▓▒░ ▒░▒▓ ░▒▓▒ ▒▓▒░▒ ░▒▓▒▒
(Продолженіе смотри на оборотной сторонѣ)
